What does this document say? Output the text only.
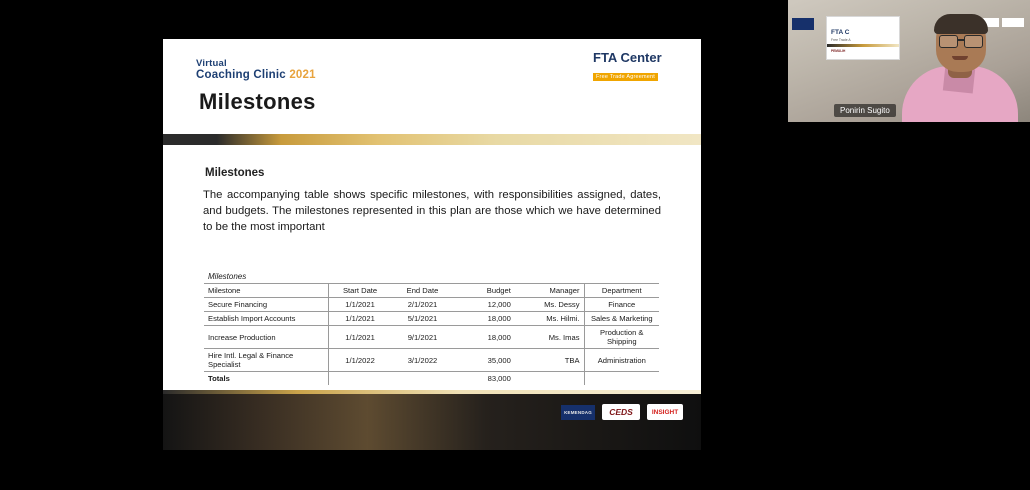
Virtual
Coaching Clinic 2021
FTA Center
Free Trade Agreement
Milestones
Milestones
The accompanying table shows specific milestones, with responsibilities assigned, dates, and budgets. The milestones represented in this plan are those which we have determined to be the most important
Milestones					
Milestone	Start Date	End Date	Budget	Manager	Department
Secure Financing	1/1/2021	2/1/2021	12,000	Ms. Dessy	Finance
Establish Import Accounts	1/1/2021	5/1/2021	18,000	Ms. Hilmi.	Sales & Marketing
Increase Production	1/1/2021	9/1/2021	18,000	Ms. Imas	Production & Shipping
Hire Intl. Legal & Finance Specialist	1/1/2022	3/1/2022	35,000	TBA	Administration
Totals			83,000		
KEMENDAG	CEDS	INSIGHT
FTA C
Free Trade A
PEMULIH
Ponirin Sugito
